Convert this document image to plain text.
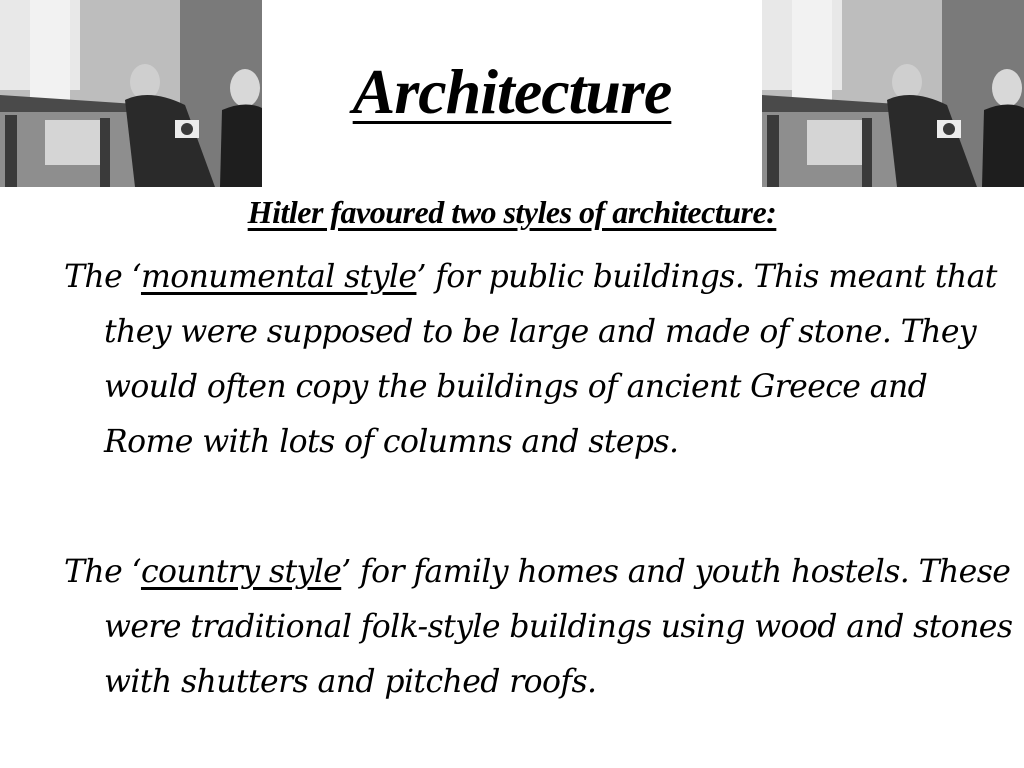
Architecture
Hitler favoured two styles of architecture:

The ‘monumental style’ for public buildings. This meant that they were supposed to be large and made of stone. They would often copy the buildings of ancient Greece and Rome with lots of columns and steps.

The ‘country style’ for family homes and youth hostels. These were traditional folk-style buildings using wood and stones with shutters and pitched roofs.
